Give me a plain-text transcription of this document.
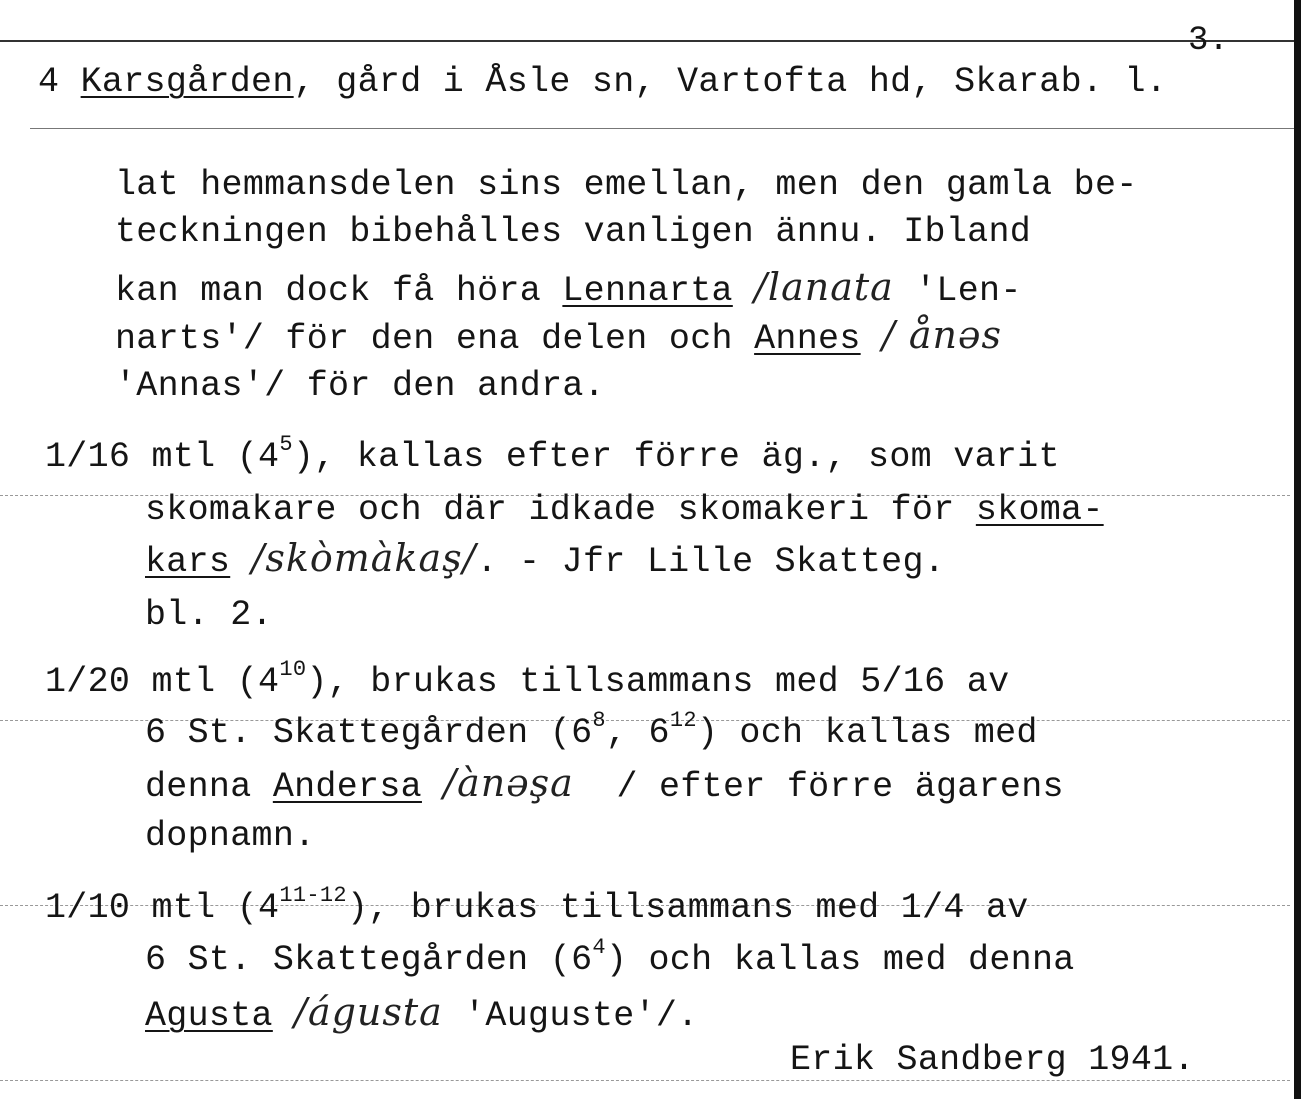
4 Karsgården, gård i Åsle sn, Vartofta hd, Skarab. l.
3.
lat hemmansdelen sins emellan, men den gamla be-
teckningen bibehålles vanligen ännu. Ibland
kan man dock få höra Lennarta /lanata 'Len-
narts'/ för den ena delen och Annes / ånəs
'Annas'/ för den andra.
1/16 mtl $(4^5)$, kallas efter förre äg., som varit
skomakare och där idkade skomakeri för skoma-
kars /skòmàkaş/. - Jfr Lille Skatteg.
bl. 2.
1/20 mtl $(4^{10})$, brukas tillsammans med 5/16 av
6 St. Skattegården ($6^8$, $6^{12}$) och kallas med
denna Andersa /ànəşa  / efter förre ägarens
dopnamn.
1/10 mtl (4$^{11-12}$), brukas tillsammans med 1/4 av
6 St. Skattegården $(6^4)$ och kallas med denna
Agusta /águsta 'Auguste'/.
Erik Sandberg 1941.
